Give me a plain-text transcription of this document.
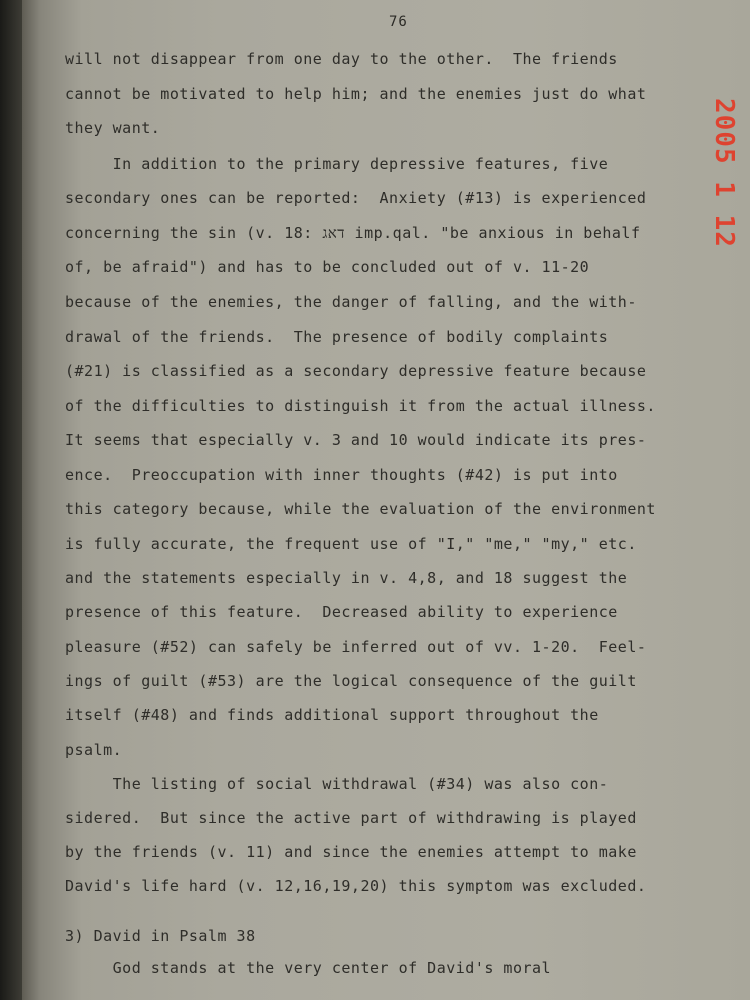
76
will not disappear from one day to the other.  The friends
cannot be motivated to help him; and the enemies just do what
they want.
In addition to the primary depressive features, five
secondary ones can be reported:  Anxiety (#13) is experienced
concerning the sin (v. 18: דאג imp.qal. "be anxious in behalf
of, be afraid") and has to be concluded out of v. 11-20
because of the enemies, the danger of falling, and the with-
drawal of the friends.  The presence of bodily complaints
(#21) is classified as a secondary depressive feature because
of the difficulties to distinguish it from the actual illness.
It seems that especially v. 3 and 10 would indicate its pres-
ence.  Preoccupation with inner thoughts (#42) is put into
this category because, while the evaluation of the environment
is fully accurate, the frequent use of "I," "me," "my," etc.
and the statements especially in v. 4,8, and 18 suggest the
presence of this feature.  Decreased ability to experience
pleasure (#52) can safely be inferred out of vv. 1-20.  Feel-
ings of guilt (#53) are the logical consequence of the guilt
itself (#48) and finds additional support throughout the
psalm.
The listing of social withdrawal (#34) was also con-
sidered.  But since the active part of withdrawing is played
by the friends (v. 11) and since the enemies attempt to make
David's life hard (v. 12,16,19,20) this symptom was excluded.
3) David in Psalm 38
God stands at the very center of David's moral
2005 1 12
